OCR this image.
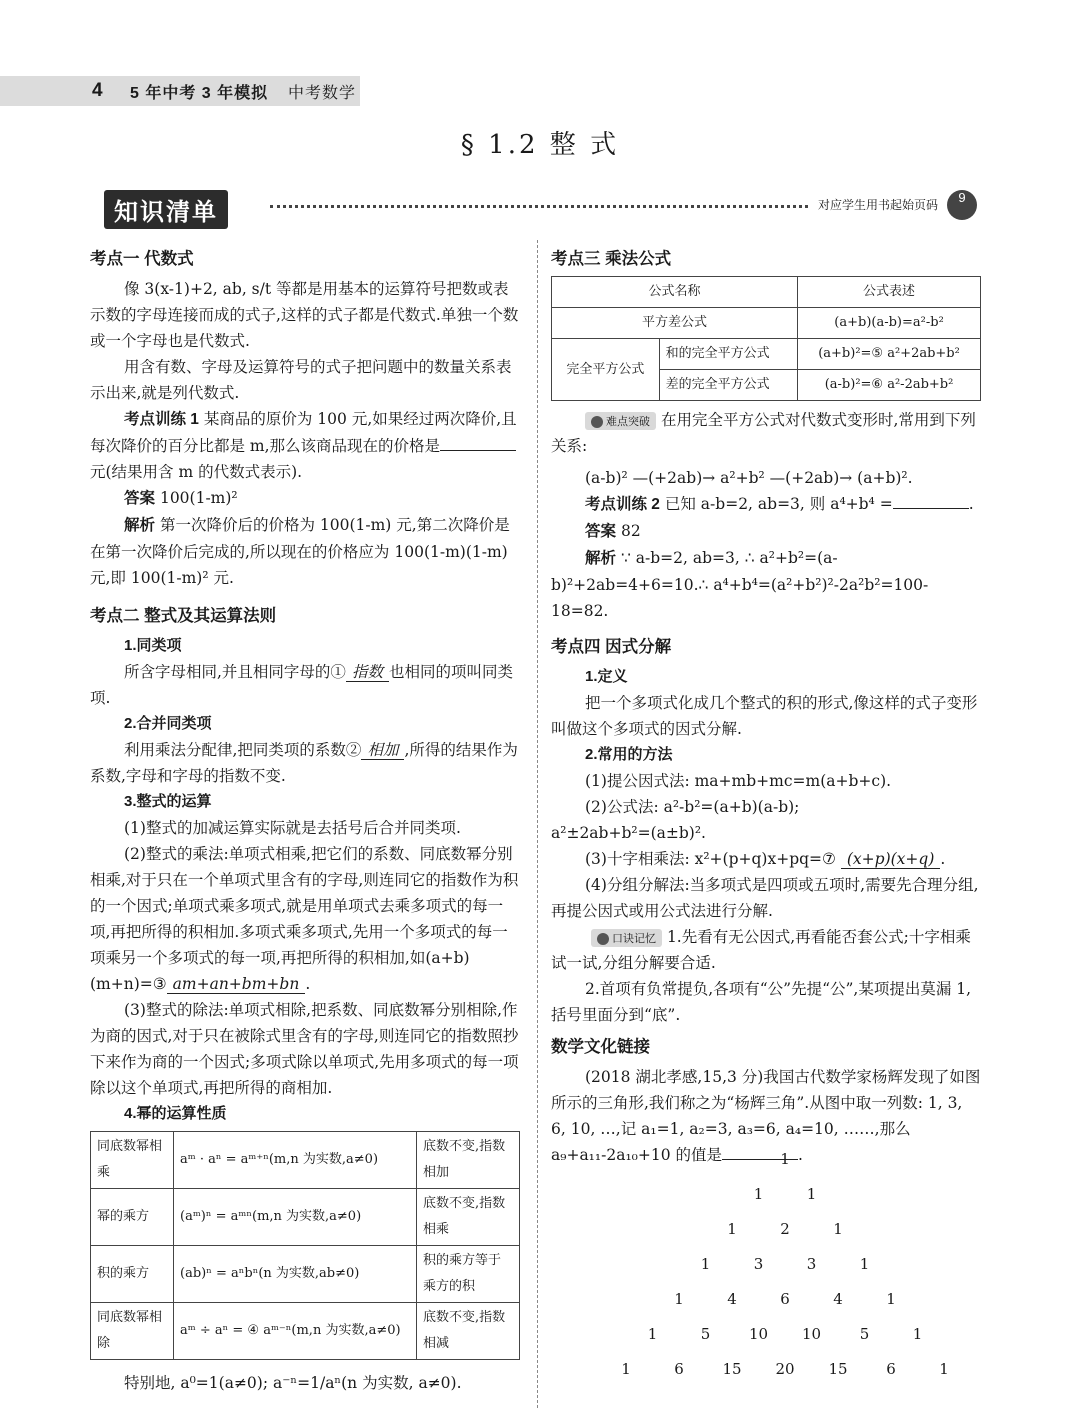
4 5 年中考 3 年模拟 中考数学
§ 1.2 整 式
知识清单	对应学生用书起始页码	9

考点一 代数式

像 3(x-1)+2, ab, s/t 等都是用基本的运算符号把数或表示数的字母连接而成的式子,这样的式子都是代数式.单独一个数或一个字母也是代数式.

用含有数、字母及运算符号的式子把问题中的数量关系表示出来,就是列代数式.

考点训练 1 某商品的原价为 100 元,如果经过两次降价,且每次降价的百分比都是 m,那么该商品现在的价格是元(结果用含 m 的代数式表示).

答案 100(1-m)²

解析 第一次降价后的价格为 100(1-m) 元,第二次降价是在第一次降价后完成的,所以现在的价格应为 100(1-m)(1-m) 元,即 100(1-m)² 元.

考点二 整式及其运算法则

1.同类项

所含字母相同,并且相同字母的① 指数 也相同的项叫同类项.

2.合并同类项

利用乘法分配律,把同类项的系数② 相加 ,所得的结果作为系数,字母和字母的指数不变.

3.整式的运算

(1)整式的加减运算实际就是去括号后合并同类项.

(2)整式的乘法:单项式相乘,把它们的系数、同底数幂分别相乘,对于只在一个单项式里含有的字母,则连同它的指数作为积的一个因式;单项式乘多项式,就是用单项式去乘多项式的每一项,再把所得的积相加.多项式乘多项式,先用一个多项式的每一项乘另一个多项式的每一项,再把所得的积相加,如(a+b)(m+n)=③ am+an+bm+bn .

(3)整式的除法:单项式相除,把系数、同底数幂分别相除,作为商的因式,对于只在被除式里含有的字母,则连同它的指数照抄下来作为商的一个因式;多项式除以单项式,先用多项式的每一项除以这个单项式,再把所得的商相加.

4.幂的运算性质

同底数幂相乘	aᵐ · aⁿ = aᵐ⁺ⁿ(m,n 为实数,a≠0)	底数不变,指数相加
幂的乘方	(aᵐ)ⁿ = aᵐⁿ(m,n 为实数,a≠0)	底数不变,指数相乘
积的乘方	(ab)ⁿ = aⁿbⁿ(n 为实数,ab≠0)	积的乘方等于乘方的积
同底数幂相除	aᵐ ÷ aⁿ = ④ aᵐ⁻ⁿ(m,n 为实数,a≠0)	底数不变,指数相减

特别地, a⁰=1(a≠0); a⁻ⁿ=1/aⁿ(n 为实数, a≠0).

考点三 乘法公式

公式名称		公式表述
平方差公式		(a+b)(a-b)=a²-b²
完全平方公式	和的完全平方公式	(a+b)²=⑤ a²+2ab+b²
	差的完全平方公式	(a-b)²=⑥ a²-2ab+b²

难点突破 在用完全平方公式对代数式变形时,常用到下列关系:

(a-b)² —(+2ab)→ a²+b² —(+2ab)→ (a+b)².

考点训练 2 已知 a-b=2, ab=3, 则 a⁴+b⁴ =	.

答案 82

解析 ∵ a-b=2, ab=3, ∴ a²+b²=(a-b)²+2ab=4+6=10.∴ a⁴+b⁴=(a²+b²)²-2a²b²=100-18=82.

考点四 因式分解

1.定义

把一个多项式化成几个整式的积的形式,像这样的式子变形叫做这个多项式的因式分解.

2.常用的方法

(1)提公因式法: ma+mb+mc=m(a+b+c).

(2)公式法: a²-b²=(a+b)(a-b);

a²±2ab+b²=(a±b)².

(3)十字相乘法: x²+(p+q)x+pq=⑦ (x+p)(x+q) .

(4)分组分解法:当多项式是四项或五项时,需要先合理分组,再提公因式或用公式法进行分解.

口诀记忆 1.先看有无公因式,再看能否套公式;十字相乘试一试,分组分解要合适.

2.首项有负常提负,各项有“公”先提“公”,某项提出莫漏 1,括号里面分到“底”.

数学文化链接

(2018 湖北孝感,15,3 分)我国古代数学家杨辉发现了如图所示的三角形,我们称之为“杨辉三角”.从图中取一列数: 1, 3, 6, 10, …,记 a₁=1, a₂=3, a₃=6, a₄=10, ……,那么 a₉+a₁₁-2a₁₀+10 的值是	.

1
1	1
1	2	1
1	3	3	1
1	4	6	4	1
1	5	10 10	5	1
1	6	15 20 15	6	1
